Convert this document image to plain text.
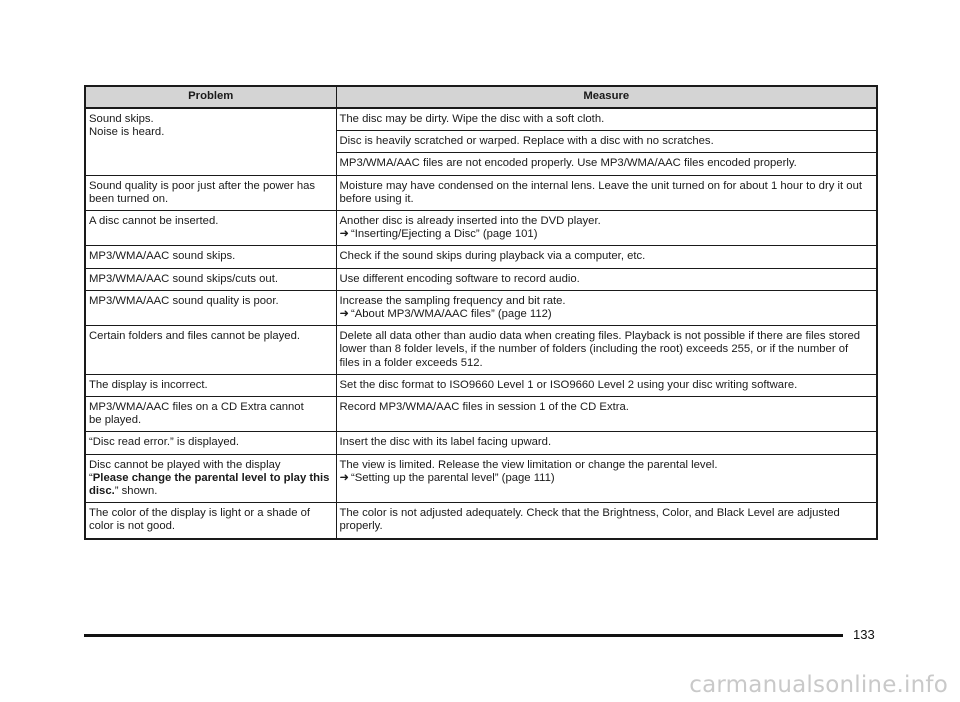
Problem	Measure
Sound skips.
Noise is heard.	The disc may be dirty. Wipe the disc with a soft cloth.
	Disc is heavily scratched or warped. Replace with a disc with no scratches.
	MP3/WMA/AAC files are not encoded properly. Use MP3/WMA/AAC files encoded properly.
Sound quality is poor just after the power has been turned on.	Moisture may have condensed on the internal lens. Leave the unit turned on for about 1 hour to dry it out before using it.
A disc cannot be inserted.	Another disc is already inserted into the DVD player.
➜ “Inserting/Ejecting a Disc” (page 101)
MP3/WMA/AAC sound skips.	Check if the sound skips during playback via a computer, etc.
MP3/WMA/AAC sound skips/cuts out.	Use different encoding software to record audio.
MP3/WMA/AAC sound quality is poor.	Increase the sampling frequency and bit rate.
➜ “About MP3/WMA/AAC files” (page 112)
Certain folders and files cannot be played.	Delete all data other than audio data when creating files. Playback is not possible if there are files stored lower than 8 folder levels, if the number of folders (including the root) exceeds 255, or if the number of files in a folder exceeds 512.
The display is incorrect.	Set the disc format to ISO9660 Level 1 or ISO9660 Level 2 using your disc writing software.
MP3/WMA/AAC files on a CD Extra cannot
be played.	Record MP3/WMA/AAC files in session 1 of the CD Extra.
“Disc read error.” is displayed.	Insert the disc with its label facing upward.
Disc cannot be played with the display
“Please change the parental level to play this disc.” shown.	The view is limited. Release the view limitation or change the parental level.
➜ “Setting up the parental level” (page 111)
The color of the display is light or a shade of color is not good.	The color is not adjusted adequately. Check that the Brightness, Color, and Black Level are adjusted properly.
133
carmanualsonline.info
